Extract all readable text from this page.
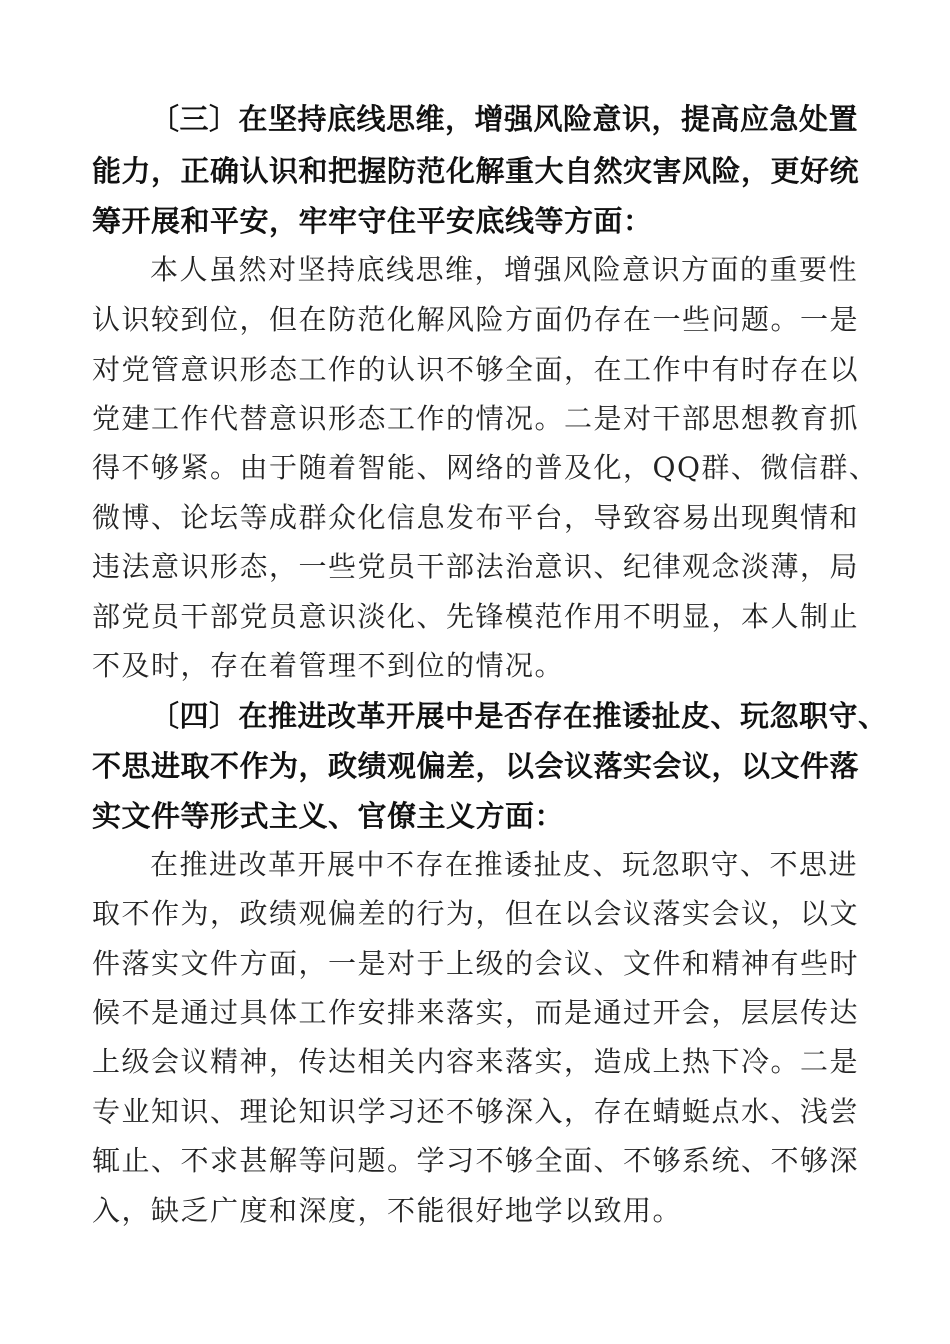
〔三〕在坚持底线思维，增强风险意识，提高应急处置
能力，正确认识和把握防范化解重大自然灾害风险，更好统
筹开展和平安，牢牢守住平安底线等方面：
本人虽然对坚持底线思维，增强风险意识方面的重要性
认识较到位，但在防范化解风险方面仍存在一些问题。一是
对党管意识形态工作的认识不够全面，在工作中有时存在以
党建工作代替意识形态工作的情况。二是对干部思想教育抓
得不够紧。由于随着智能、网络的普及化，QQ群、微信群、
微博、论坛等成群众化信息发布平台，导致容易出现舆情和
违法意识形态，一些党员干部法治意识、纪律观念淡薄，局
部党员干部党员意识淡化、先锋模范作用不明显，本人制止
不及时，存在着管理不到位的情况。
〔四〕在推进改革开展中是否存在推诿扯皮、玩忽职守、
不思进取不作为，政绩观偏差，以会议落实会议，以文件落
实文件等形式主义、官僚主义方面：
在推进改革开展中不存在推诿扯皮、玩忽职守、不思进
取不作为，政绩观偏差的行为，但在以会议落实会议，以文
件落实文件方面，一是对于上级的会议、文件和精神有些时
候不是通过具体工作安排来落实，而是通过开会，层层传达
上级会议精神，传达相关内容来落实，造成上热下冷。二是
专业知识、理论知识学习还不够深入，存在蜻蜓点水、浅尝
辄止、不求甚解等问题。学习不够全面、不够系统、不够深
入，缺乏广度和深度，不能很好地学以致用。
